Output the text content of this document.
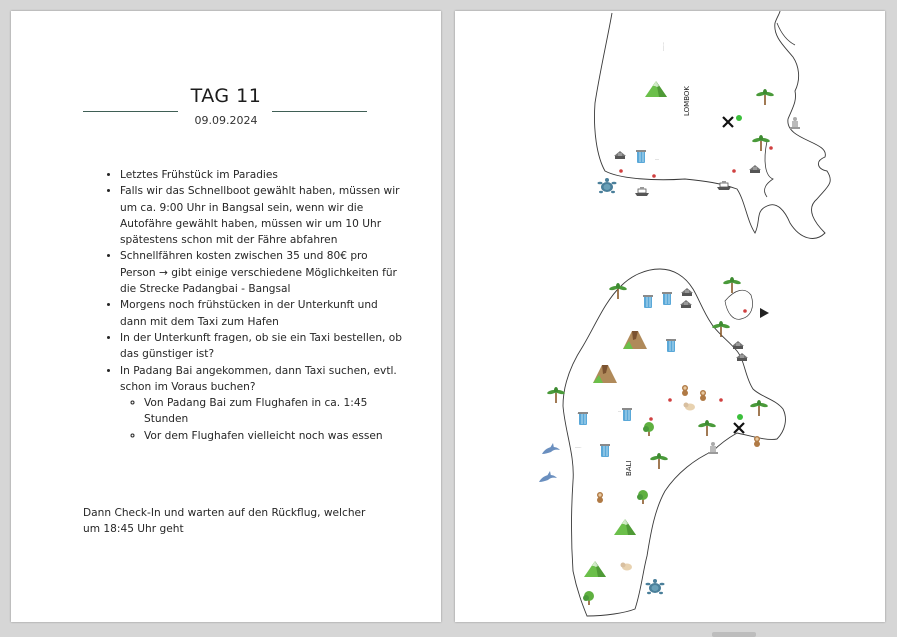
TAG 11
09.09.2024
• Letztes Frühstück im Paradies
• Falls wir das Schnellboot gewählt haben, müssen wir um ca. 9:00 Uhr in Bangsal sein, wenn wir die Autofähre gewählt haben, müssen wir um 10 Uhr spätestens schon mit der Fähre abfahren
• Schnellfähren kosten zwischen 35 und 80€ pro Person → gibt einige verschiedene Möglichkeiten für die Strecke Padangbai - Bangsal
• Morgens noch frühstücken in der Unterkunft und dann mit dem Taxi zum Hafen
• In der Unterkunft fragen, ob sie ein Taxi bestellen, ob das günstiger ist?
• In Padang Bai angekommen, dann Taxi suchen, evtl. schon im Voraus buchen?
◦ Von Padang Bai zum Flughafen in ca. 1:45 Stunden
◦ Vor dem Flughafen vielleicht noch was essen
Dann Check-In und warten auf den Rückflug, welcher um 18:45 Uhr geht
LOMBOK
········
····
BALI
·····	···
······
····
